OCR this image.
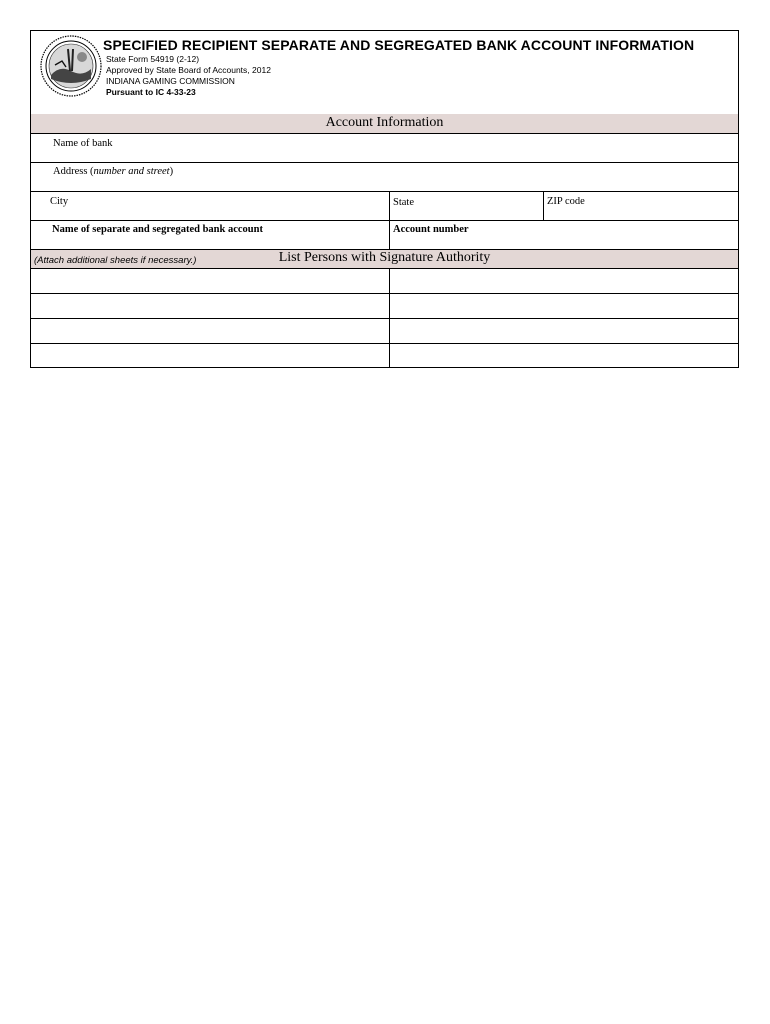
SPECIFIED RECIPIENT SEPARATE AND SEGREGATED BANK ACCOUNT INFORMATION
State Form 54919 (2-12)
Approved by State Board of Accounts, 2012
INDIANA GAMING COMMISSION
Pursuant to IC 4-33-23
Account Information
Name of bank
Address (number and street)
City	State	ZIP code
Name of separate and segregated bank account	Account number
(Attach additional sheets if necessary.)	List Persons with Signature Authority
